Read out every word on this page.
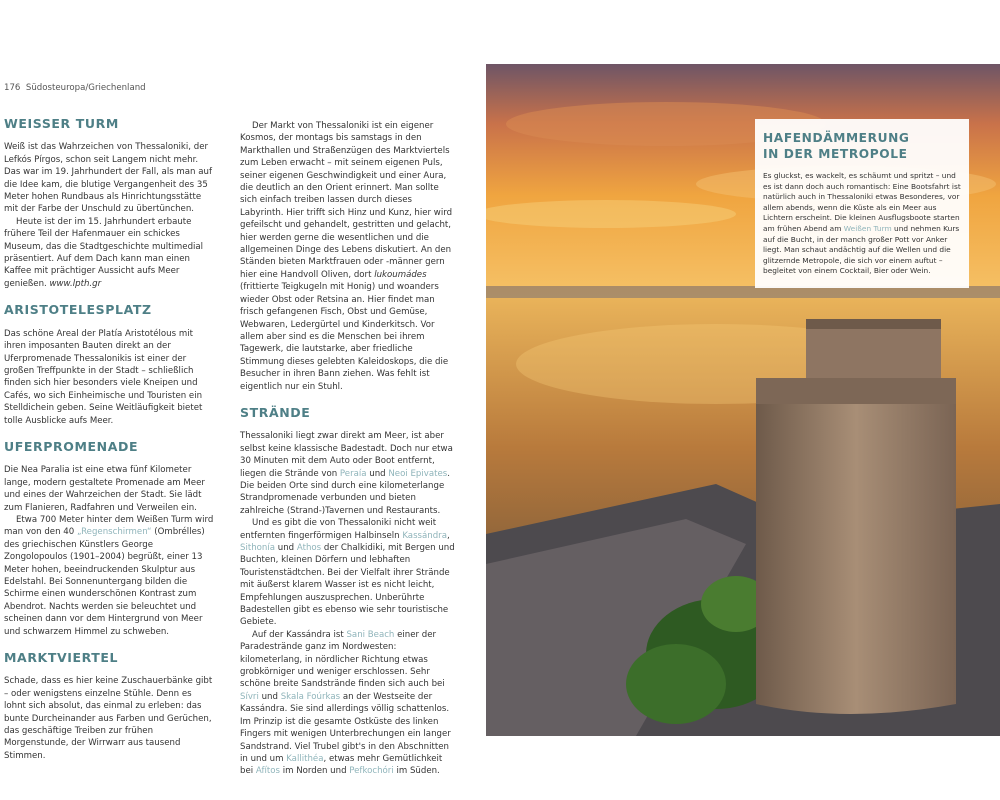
176 Südosteuropa/Griechenland
WEISSER TURM

Weiß ist das Wahrzeichen von Thessaloniki, der Lefkós Pírgos, schon seit Langem nicht mehr. Das war im 19. Jahrhundert der Fall, als man auf die Idee kam, die blutige Vergangenheit des 35 Meter hohen Rundbaus als Hinrichtungsstätte mit der Farbe der Unschuld zu übertünchen.

Heute ist der im 15. Jahrhundert erbaute frühere Teil der Hafenmauer ein schickes Museum, das die Stadtgeschichte multimedial präsentiert. Auf dem Dach kann man einen Kaffee mit prächtiger Aussicht aufs Meer genießen. www.lpth.gr

ARISTOTELESPLATZ

Das schöne Areal der Platía Aristotélous mit ihren imposanten Bauten direkt an der Uferpromenade Thessalonikis ist einer der großen Treffpunkte in der Stadt – schließlich finden sich hier besonders viele Kneipen und Cafés, wo sich Einheimische und Touristen ein Stelldichein geben. Seine Weitläufigkeit bietet tolle Ausblicke aufs Meer.

UFERPROMENADE

Die Nea Paralia ist eine etwa fünf Kilometer lange, modern gestaltete Promenade am Meer und eines der Wahrzeichen der Stadt. Sie lädt zum Flanieren, Radfahren und Verweilen ein.

Etwa 700 Meter hinter dem Weißen Turm wird man von den 40 „Regenschirmen“ (Ombrélles) des griechischen Künstlers George Zongolopoulos (1901–2004) begrüßt, einer 13 Meter hohen, beeindruckenden Skulptur aus Edelstahl. Bei Sonnenuntergang bilden die Schirme einen wunderschönen Kontrast zum Abendrot. Nachts werden sie beleuchtet und scheinen dann vor dem Hintergrund von Meer und schwarzem Himmel zu schweben.

MARKTVIERTEL

Schade, dass es hier keine Zuschauerbänke gibt – oder wenigstens einzelne Stühle. Denn es lohnt sich absolut, das einmal zu erleben: das bunte Durcheinander aus Farben und Gerüchen, das geschäftige Treiben zur frühen Morgenstunde, der Wirrwarr aus tausend Stimmen.

Der Markt von Thessaloniki ist ein eigener Kosmos, der montags bis samstags in den Markthallen und Straßenzügen des Marktviertels zum Leben erwacht – mit seinem eigenen Puls, seiner eigenen Geschwindigkeit und einer Aura, die deutlich an den Orient erinnert. Man sollte sich einfach treiben lassen durch dieses Labyrinth. Hier trifft sich Hinz und Kunz, hier wird gefeilscht und gehandelt, gestritten und gelacht, hier werden gerne die wesentlichen und die allgemeinen Dinge des Lebens diskutiert. An den Ständen bieten Marktfrauen oder -männer gern hier eine Handvoll Oliven, dort lukoumádes (frittierte Teigkugeln mit Honig) und woanders wieder Obst oder Retsina an. Hier findet man frisch gefangenen Fisch, Obst und Gemüse, Webwaren, Ledergürtel und Kinderkitsch. Vor allem aber sind es die Menschen bei ihrem Tagewerk, die lautstarke, aber friedliche Stimmung dieses gelebten Kaleidoskops, die die Besucher in ihren Bann ziehen. Was fehlt ist eigentlich nur ein Stuhl.

STRÄNDE

Thessaloniki liegt zwar direkt am Meer, ist aber selbst keine klassische Badestadt. Doch nur etwa 30 Minuten mit dem Auto oder Boot entfernt, liegen die Strände von Peraía und Neoi Epivates. Die beiden Orte sind durch eine kilometerlange Strandpromenade verbunden und bieten zahlreiche (Strand-)Tavernen und Restaurants.

Und es gibt die von Thessaloniki nicht weit entfernten fingerförmigen Halbinseln Kassándra, Sithonía und Athos der Chalkidiki, mit Bergen und Buchten, kleinen Dörfern und lebhaften Touristenstädtchen. Bei der Vielfalt ihrer Strände mit äußerst klarem Wasser ist es nicht leicht, Empfehlungen auszusprechen. Unberührte Badestellen gibt es ebenso wie sehr touristische Gebiete.

Auf der Kassándra ist Sani Beach einer der Paradestrände ganz im Nordwesten: kilometerlang, in nördlicher Richtung etwas grobkörniger und weniger erschlossen. Sehr schöne breite Sandstrände finden sich auch bei Sívri und Skala Foúrkas an der Westseite der Kassándra. Sie sind allerdings völlig schattenlos. Im Prinzip ist die gesamte Ostküste des linken Fingers mit wenigen Unterbrechungen ein langer Sandstrand. Viel Trubel gibt's in den Abschnitten in und um Kallithéa, etwas mehr Gemütlichkeit bei Afítos im Norden und Pefkochóri im Süden.

HAFENDÄMMERUNG
IN DER METROPOLE

Es gluckst, es wackelt, es schäumt und spritzt – und es ist dann doch auch romantisch: Eine Bootsfahrt ist natürlich auch in Thessaloniki etwas Besonderes, vor allem abends, wenn die Küste als ein Meer aus Lichtern erscheint. Die kleinen Ausflugsboote starten am frühen Abend am Weißen Turm und nehmen Kurs auf die Bucht, in der manch großer Pott vor Anker liegt. Man schaut andächtig auf die Wellen und die glitzernde Metropole, die sich vor einem auftut – begleitet von einem Cocktail, Bier oder Wein.
